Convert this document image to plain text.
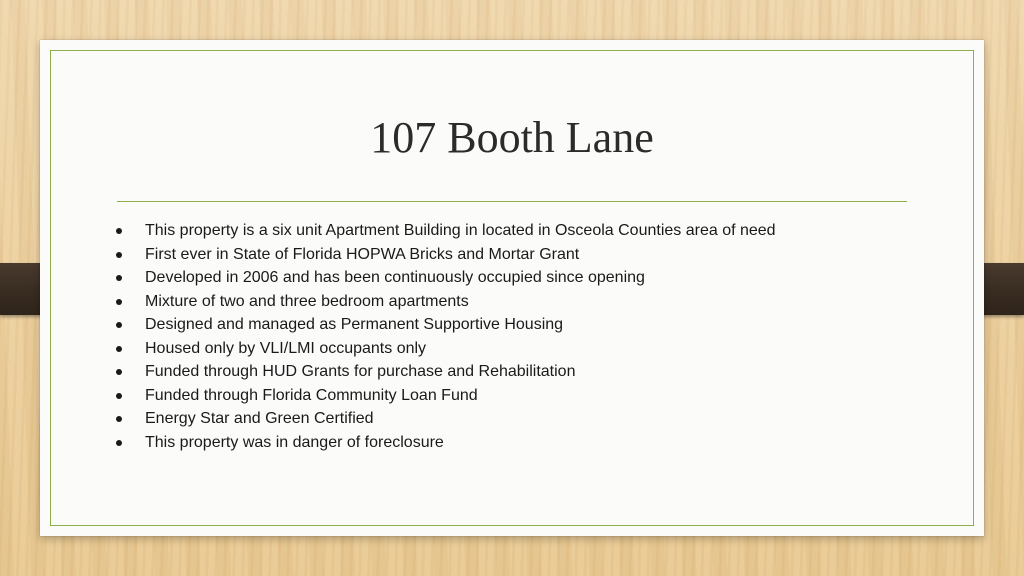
107 Booth Lane
This property is a six unit Apartment Building in located in Osceola Counties area of need
First ever in State of Florida HOPWA Bricks and Mortar Grant
Developed in 2006 and has been continuously occupied since opening
Mixture of two and three bedroom apartments
Designed and managed as Permanent Supportive Housing
Housed only by VLI/LMI occupants only
Funded through HUD Grants for purchase and Rehabilitation
Funded through Florida Community Loan Fund
Energy Star and Green Certified
This property was in danger of foreclosure
